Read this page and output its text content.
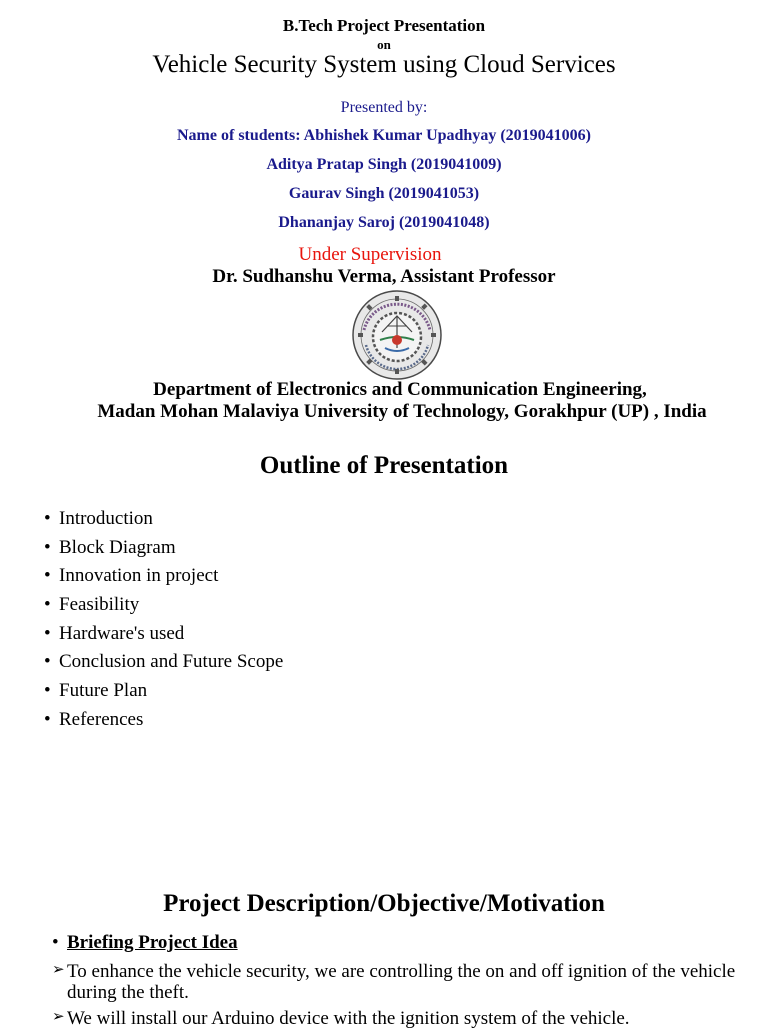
B.Tech Project Presentation
on
Vehicle Security System using Cloud Services
Presented by:
Name of students: Abhishek Kumar Upadhyay (2019041006)
Aditya Pratap Singh (2019041009)
Gaurav Singh (2019041053)
Dhananjay Saroj (2019041048)
Under Supervision
Dr. Sudhanshu Verma, Assistant Professor
Department of Electronics and Communication Engineering,
Madan Mohan Malaviya University of Technology, Gorakhpur (UP) , India
Outline of Presentation
• Introduction
• Block Diagram
• Innovation in project
• Feasibility
• Hardware's used
• Conclusion and Future Scope
• Future Plan
• References
Project Description/Objective/Motivation
• Briefing Project Idea
➢ To enhance the vehicle security, we are controlling the on and off ignition of the vehicle during the theft.
➢ We will install our Arduino device with the ignition system of the vehicle.
